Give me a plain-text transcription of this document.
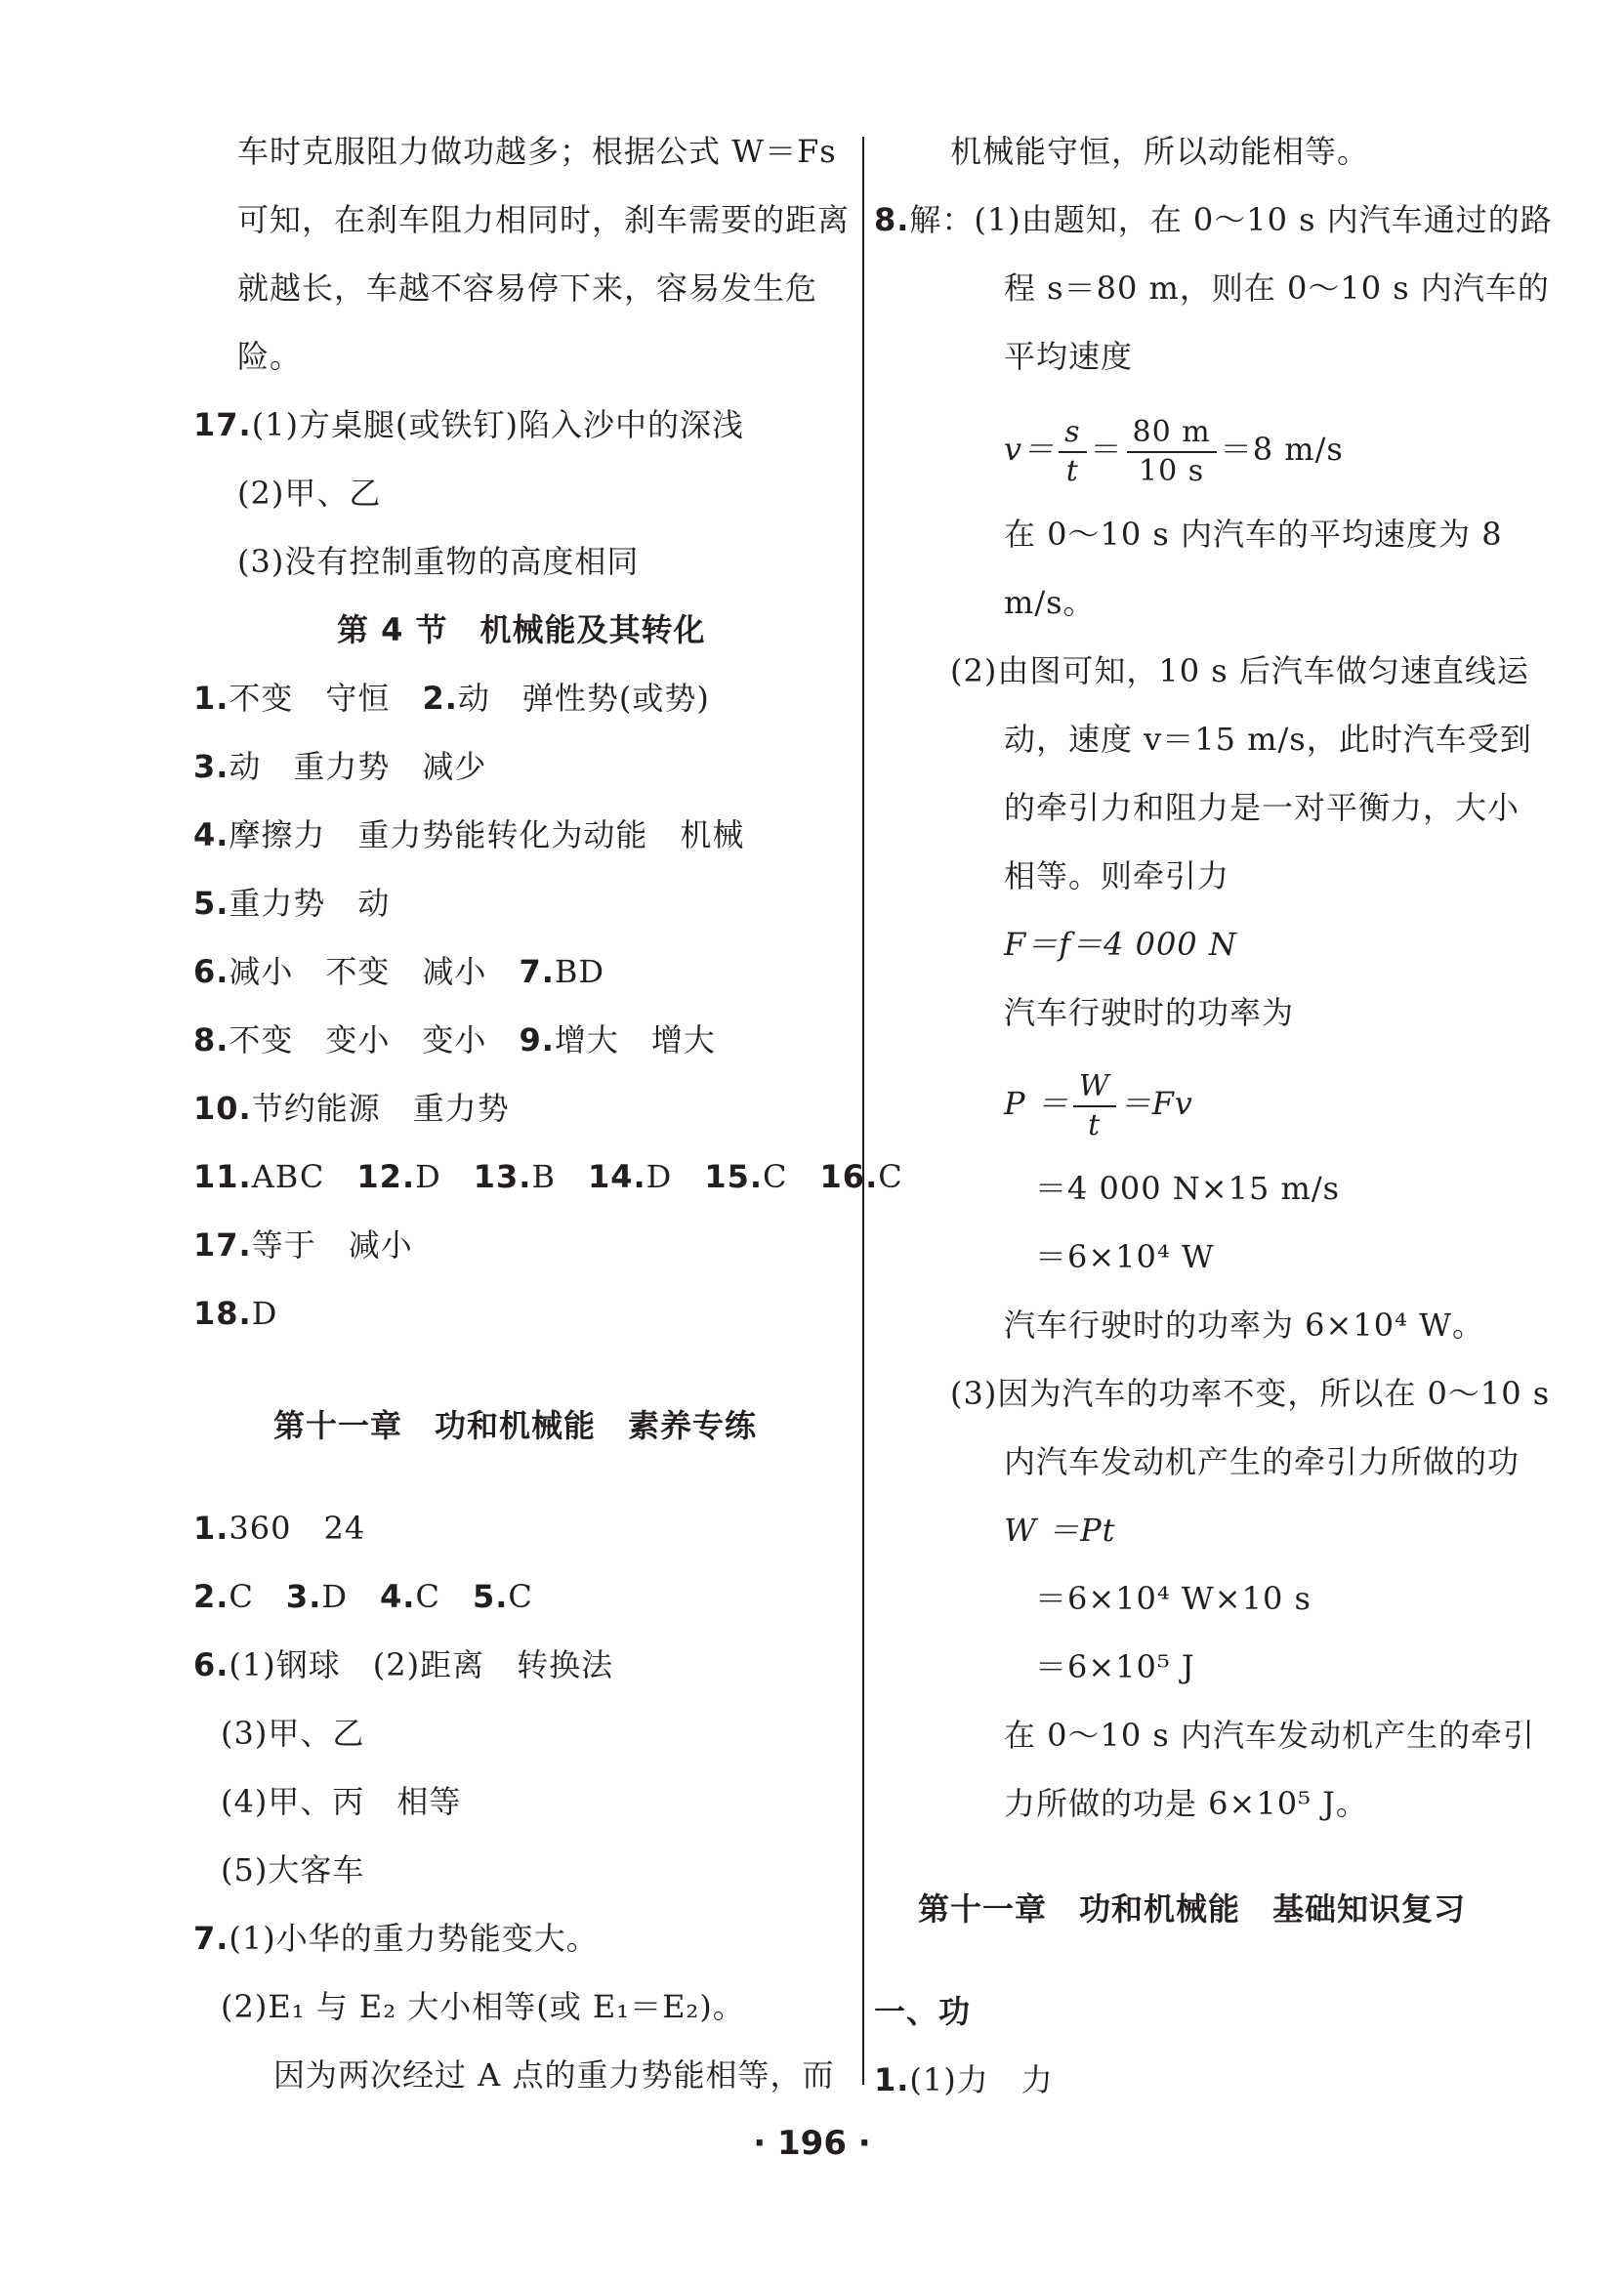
车时克服阻力做功越多；根据公式 W＝Fs
可知，在刹车阻力相同时，刹车需要的距离
就越长，车越不容易停下来，容易发生危
险。
17.(1)方桌腿(或铁钉)陷入沙中的深浅
(2)甲、乙
(3)没有控制重物的高度相同
第 4 节　机械能及其转化
1.不变　守恒　2.动　弹性势(或势)
3.动　重力势　减少
4.摩擦力　重力势能转化为动能　机械
5.重力势　动
6.减小　不变　减小　7.BD
8.不变　变小　变小　9.增大　增大
10.节约能源　重力势
11.ABC　12.D　13.B　14.D　15.C　16.C
17.等于　减小
18.D
第十一章　功和机械能　素养专练
1.360　24
2.C　3.D　4.C　5.C
6.(1)钢球　(2)距离　转换法
(3)甲、乙
(4)甲、丙　相等
(5)大客车
7.(1)小华的重力势能变大。
(2)E₁ 与 E₂ 大小相等(或 E₁＝E₂)。
因为两次经过 A 点的重力势能相等，而
机械能守恒，所以动能相等。
8.解：(1)由题知，在 0～10 s 内汽车通过的路
程 s＝80 m，则在 0～10 s 内汽车的
平均速度
$v= \frac{s}{t} = \frac{80 m}{10 s} =8$ m/s
在 0～10 s 内汽车的平均速度为 8
m/s。
(2)由图可知，10 s 后汽车做匀速直线运
动，速度 v＝15 m/s，此时汽车受到
的牵引力和阻力是一对平衡力，大小
相等。则牵引力
F＝f＝4 000 N
汽车行驶时的功率为
$P = \frac{W}{t} =Fv$
＝4 000 N×15 m/s
＝6×10⁴ W
汽车行驶时的功率为 6×10⁴ W。
(3)因为汽车的功率不变，所以在 0～10 s
内汽车发动机产生的牵引力所做的功
W ＝Pt
＝6×10⁴ W×10 s
＝6×10⁵ J
在 0～10 s 内汽车发动机产生的牵引
力所做的功是 6×10⁵ J。
第十一章　功和机械能　基础知识复习
一、功
1.(1)力　力
· 196 ·
